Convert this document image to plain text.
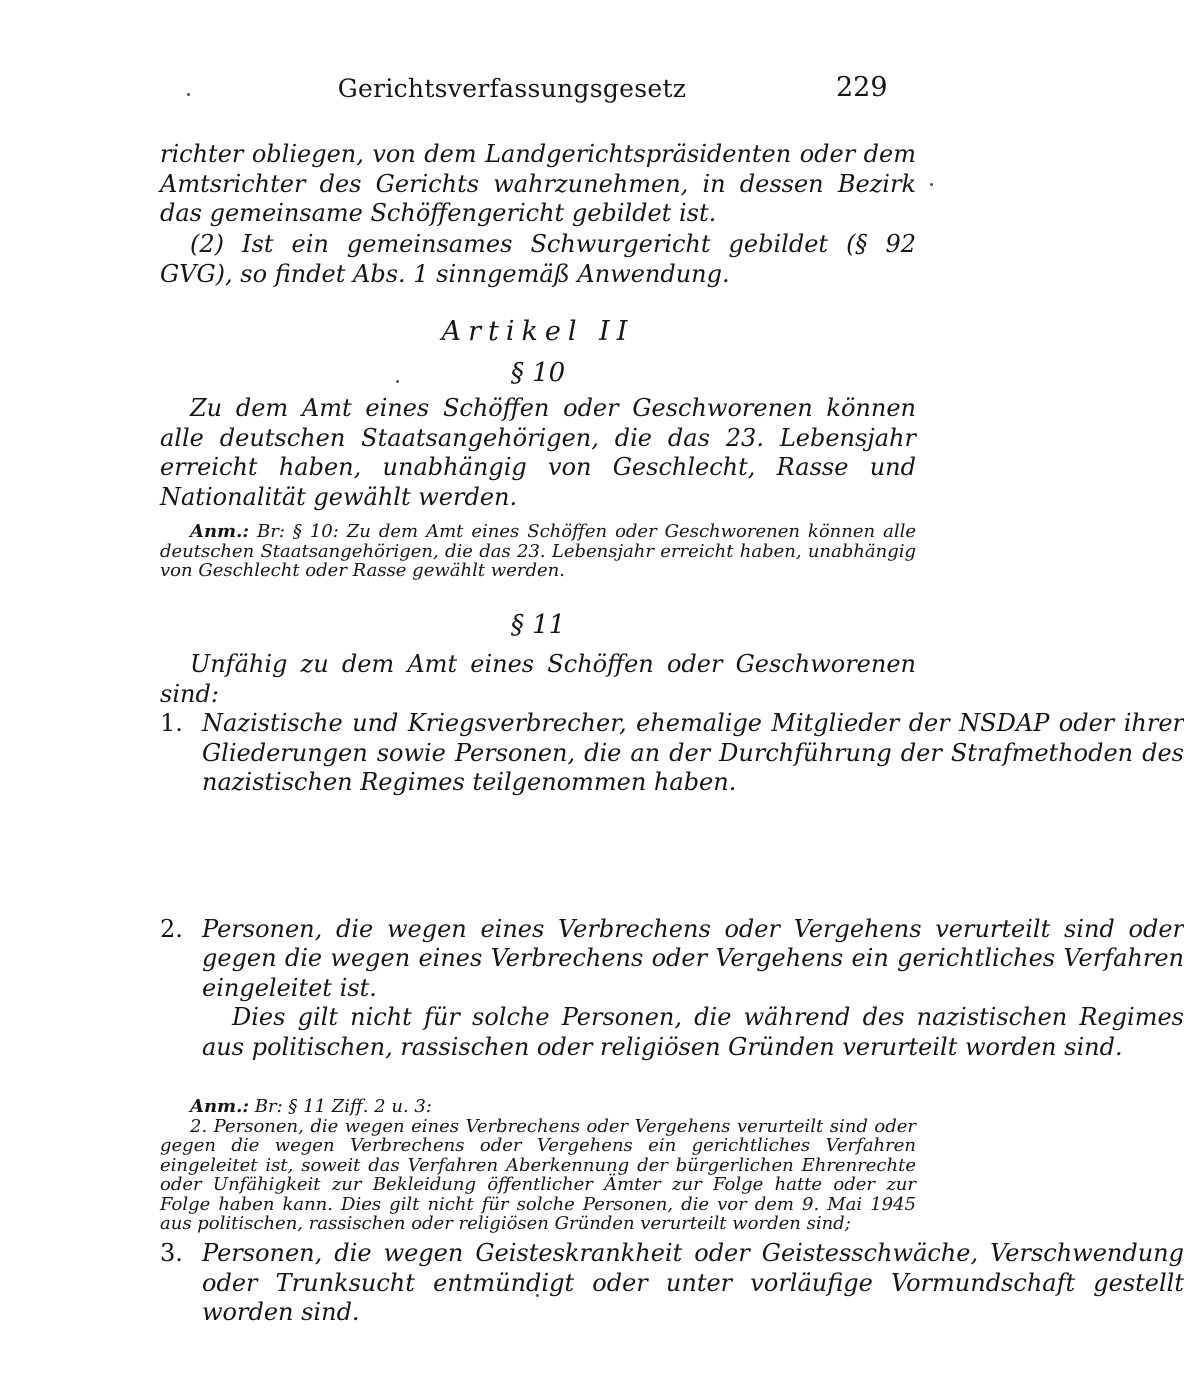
Gerichtsverfassungsgesetz	229

richter obliegen, von dem Landgerichtspräsidenten oder dem Amtsrichter des Gerichts wahrzunehmen, in dessen Bezirk das gemeinsame Schöffengericht gebildet ist.

(2) Ist ein gemeinsames Schwurgericht gebildet (§ 92 GVG), so findet Abs. 1 sinngemäß Anwendung.

Artikel II
§ 10

Zu dem Amt eines Schöffen oder Geschworenen können alle deutschen Staatsangehörigen, die das 23. Lebensjahr erreicht haben, unabhängig von Geschlecht, Rasse und Nationalität gewählt werden.

Anm.: Br: § 10: Zu dem Amt eines Schöffen oder Geschworenen können alle deutschen Staatsangehörigen, die das 23. Lebensjahr erreicht haben, unabhängig von Geschlecht oder Rasse gewählt werden.

§ 11

Unfähig zu dem Amt eines Schöffen oder Geschworenen sind:

1. Nazistische und Kriegsverbrecher, ehemalige Mitglieder der NSDAP oder ihrer Gliederungen sowie Personen, die an der Durchführung der Strafmethoden des nazistischen Regimes teilgenommen haben.
2. Personen, die wegen eines Verbrechens oder Vergehens verurteilt sind oder gegen die wegen eines Verbrechens oder Vergehens ein gerichtliches Verfahren eingeleitet ist.
Dies gilt nicht für solche Personen, die während des nazistischen Regimes aus politischen, rassischen oder religiösen Gründen verurteilt worden sind.
3. Personen, die wegen Geisteskrankheit oder Geistesschwäche, Verschwendung oder Trunksucht entmündigt oder unter vorläufige Vormundschaft gestellt worden sind.
Anm.: Br: § 11 Ziff. 2 u. 3:
2. Personen, die wegen eines Verbrechens oder Vergehens verurteilt sind oder gegen die wegen Verbrechens oder Vergehens ein gerichtliches Verfahren eingeleitet ist, soweit das Verfahren Aberkennung der bürgerlichen Ehrenrechte oder Unfähigkeit zur Bekleidung öffentlicher Ämter zur Folge hatte oder zur Folge haben kann. Dies gilt nicht für solche Personen, die vor dem 9. Mai 1945 aus politischen, rassischen oder religiösen Gründen verurteilt worden sind;
